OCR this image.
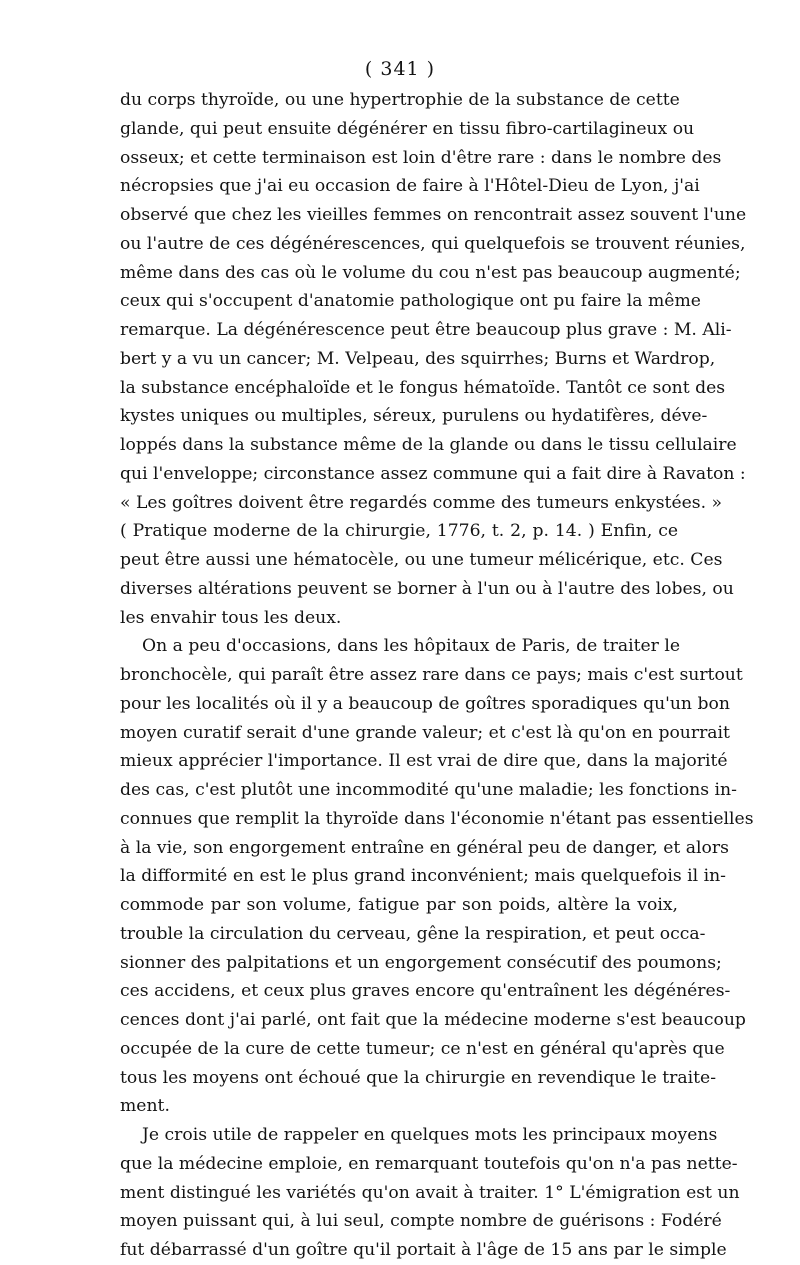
( 341 )
du corps thyroïde, ou une hypertrophie de la substance de cette
glande, qui peut ensuite dégénérer en tissu fibro-cartilagineux ou
osseux; et cette terminaison est loin d'être rare : dans le nombre des
nécropsies que j'ai eu occasion de faire à l'Hôtel-Dieu de Lyon, j'ai
observé que chez les vieilles femmes on rencontrait assez souvent l'une
ou l'autre de ces dégénérescences, qui quelquefois se trouvent réunies,
même dans des cas où le volume du cou n'est pas beaucoup augmenté;
ceux qui s'occupent d'anatomie pathologique ont pu faire la même
remarque. La dégénérescence peut être beaucoup plus grave : M. Ali-
bert y a vu un cancer; M. Velpeau, des squirrhes; Burns et Wardrop,
la substance encéphaloïde et le fongus hématoïde. Tantôt ce sont des
kystes uniques ou multiples, séreux, purulens ou hydatifères, déve-
loppés dans la substance même de la glande ou dans le tissu cellulaire
qui l'enveloppe; circonstance assez commune qui a fait dire à Ravaton :
« Les goîtres doivent être regardés comme des tumeurs enkystées. »
( Pratique moderne de la chirurgie, 1776, t. 2, p. 14. ) Enfin, ce
peut être aussi une hématocèle, ou une tumeur mélicérique, etc. Ces
diverses altérations peuvent se borner à l'un ou à l'autre des lobes, ou
les envahir tous les deux.
On a peu d'occasions, dans les hôpitaux de Paris, de traiter le
bronchocèle, qui paraît être assez rare dans ce pays; mais c'est surtout
pour les localités où il y a beaucoup de goîtres sporadiques qu'un bon
moyen curatif serait d'une grande valeur; et c'est là qu'on en pourrait
mieux apprécier l'importance. Il est vrai de dire que, dans la majorité
des cas, c'est plutôt une incommodité qu'une maladie; les fonctions in-
connues que remplit la thyroïde dans l'économie n'étant pas essentielles
à la vie, son engorgement entraîne en général peu de danger, et alors
la difformité en est le plus grand inconvénient; mais quelquefois il in-
commode par son volume, fatigue par son poids, altère la voix,
trouble la circulation du cerveau, gêne la respiration, et peut occa-
sionner des palpitations et un engorgement consécutif des poumons;
ces accidens, et ceux plus graves encore qu'entraînent les dégénéres-
cences dont j'ai parlé, ont fait que la médecine moderne s'est beaucoup
occupée de la cure de cette tumeur; ce n'est en général qu'après que
tous les moyens ont échoué que la chirurgie en revendique le traite-
ment.
Je crois utile de rappeler en quelques mots les principaux moyens
que la médecine emploie, en remarquant toutefois qu'on n'a pas nette-
ment distingué les variétés qu'on avait à traiter. 1° L'émigration est un
moyen puissant qui, à lui seul, compte nombre de guérisons : Fodéré
fut débarrassé d'un goître qu'il portait à l'âge de 15 ans par le simple
